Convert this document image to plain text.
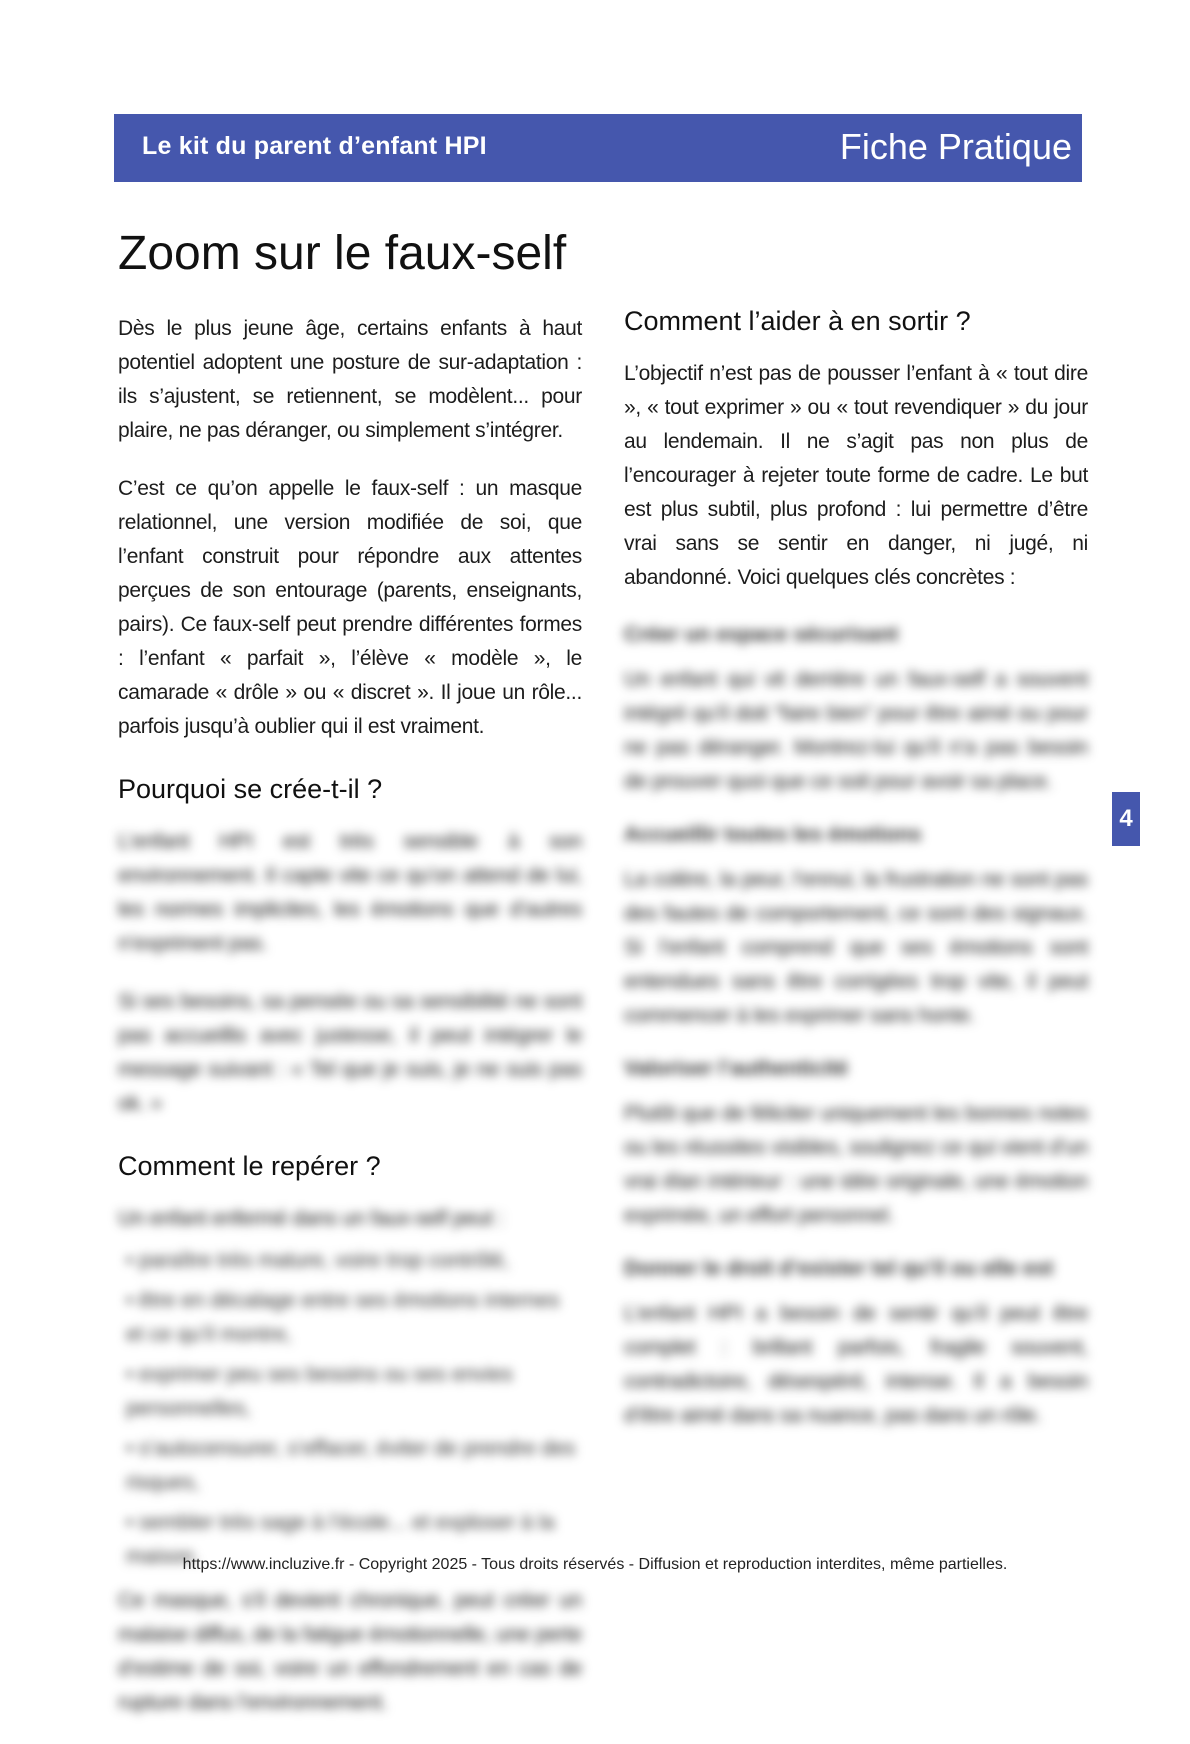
Le kit du parent d’enfant HPI	Fiche Pratique
Zoom sur le faux-self

Dès le plus jeune âge, certains enfants à haut potentiel adoptent une posture de sur-adaptation : ils s’ajustent, se retiennent, se modèlent... pour plaire, ne pas déranger, ou simplement s’intégrer.

C’est ce qu’on appelle le faux-self : un masque relationnel, une version modifiée de soi, que l’enfant construit pour répondre aux attentes perçues de son entourage (parents, enseignants, pairs). Ce faux-self peut prendre différentes formes : l’enfant « parfait », l’élève « modèle », le camarade « drôle » ou « discret ». Il joue un rôle... parfois jusqu’à oublier qui il est vraiment.

Pourquoi se crée-t-il ?

L’enfant HPI est très sensible à son environnement. Il capte vite ce qu’on attend de lui, les normes implicites, les émotions que d’autres n’expriment pas.

Si ses besoins, sa pensée ou sa sensibilité ne sont pas accueillis avec justesse, il peut intégrer le message suivant : « Tel que je suis, je ne suis pas ok. »

Comment le repérer ?

Un enfant enfermé dans un faux-self peut :

• paraître très mature, voire trop contrôlé,
• être en décalage entre ses émotions internes et ce qu’il montre,
• exprimer peu ses besoins ou ses envies personnelles,
• s’autocensurer, s’effacer, éviter de prendre des risques,
• sembler très sage à l’école... et exploser à la maison.

Ce masque, s’il devient chronique, peut créer un malaise diffus, de la fatigue émotionnelle, une perte d’estime de soi, voire un effondrement en cas de rupture dans l’environnement.

Comment l’aider à en sortir ?

L’objectif n’est pas de pousser l’enfant à « tout dire », « tout exprimer » ou « tout revendiquer » du jour au lendemain. Il ne s’agit pas non plus de l’encourager à rejeter toute forme de cadre. Le but est plus subtil, plus profond : lui permettre d’être vrai sans se sentir en danger, ni jugé, ni abandonné. Voici quelques clés concrètes :

Créer un espace sécurisant

Un enfant qui vit derrière un faux-self a souvent intégré qu’il doit “faire bien” pour être aimé ou pour ne pas déranger. Montrez-lui qu’il n’a pas besoin de prouver quoi que ce soit pour avoir sa place.

Accueillir toutes les émotions

La colère, la peur, l’ennui, la frustration ne sont pas des fautes de comportement, ce sont des signaux. Si l’enfant comprend que ses émotions sont entendues sans être corrigées trop vite, il peut commencer à les exprimer sans honte.

Valoriser l’authenticité

Plutôt que de féliciter uniquement les bonnes notes ou les réussites visibles, soulignez ce qui vient d’un vrai élan intérieur : une idée originale, une émotion exprimée, un effort personnel.

Donner le droit d’exister tel qu’il ou elle est

L’enfant HPI a besoin de sentir qu’il peut être complet : brillant parfois, fragile souvent, contradictoire, désespéré, intense. Il a besoin d’être aimé dans sa nuance, pas dans un rôle.

4
https://www.incluzive.fr - Copyright 2025 - Tous droits réservés - Diffusion et reproduction interdites, même partielles.
